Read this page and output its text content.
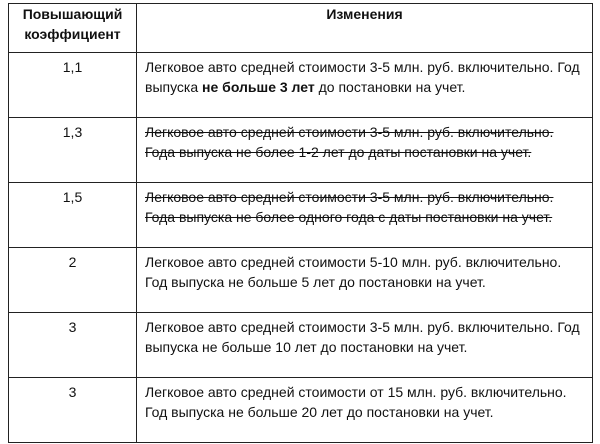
Повышающий коэффициент	Изменения
1,1	Легковое авто средней стоимости 3-5 млн. руб. включительно. Год выпуска не больше 3 лет до постановки на учет.
1,3	Легковое авто средней стоимости 3-5 млн. руб. включительно. Года выпуска не более 1-2 лет до даты постановки на учет.
1,5	Легковое авто средней стоимости 3-5 млн. руб. включительно. Года выпуска не более одного года с даты постановки на учет.
2	Легковое авто средней стоимости 5-10 млн. руб. включительно. Год выпуска не больше 5 лет до постановки на учет.
3	Легковое авто средней стоимости 3-5 млн. руб. включительно. Год выпуска не больше 10 лет до постановки на учет.
3	Легковое авто средней стоимости от 15 млн. руб. включительно. Год выпуска не больше 20 лет до постановки на учет.
